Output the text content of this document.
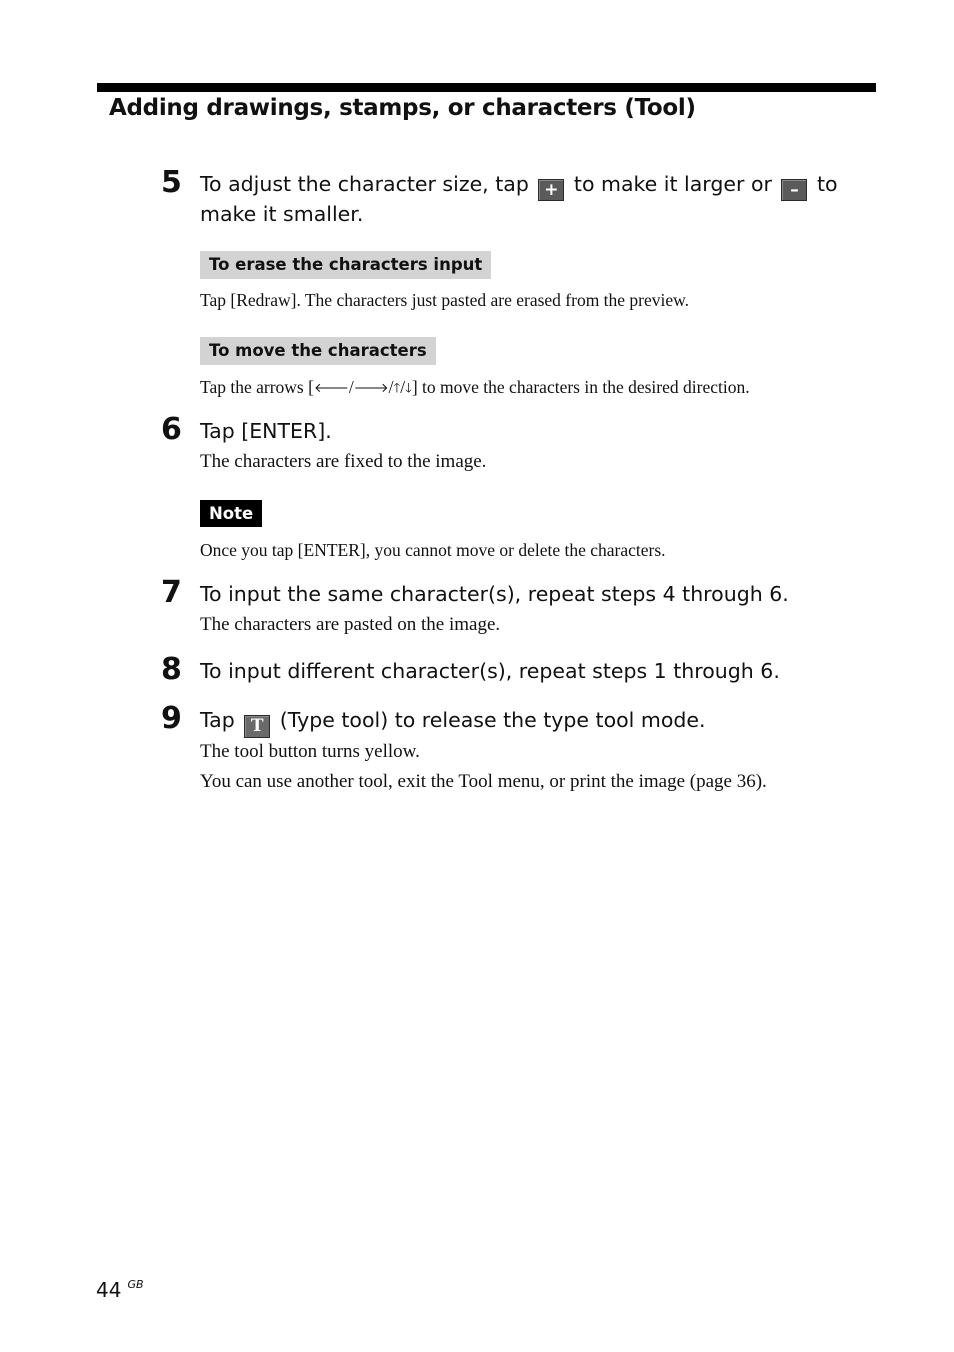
Adding drawings, stamps, or characters (Tool)
5 To adjust the character size, tap + to make it larger or – to make it smaller.
To erase the characters input
Tap [Redraw]. The characters just pasted are erased from the preview.
To move the characters
Tap the arrows [🡐/🡒/🡑/🡓] to move the characters in the desired direction.
6 Tap [ENTER].
The characters are fixed to the image.
Note
Once you tap [ENTER], you cannot move or delete the characters.
7 To input the same character(s), repeat steps 4 through 6.
The characters are pasted on the image.
8 To input different character(s), repeat steps 1 through 6.
9 Tap T (Type tool) to release the type tool mode.
The tool button turns yellow.
You can use another tool, exit the Tool menu, or print the image (page 36).
44 $^{GB}$
